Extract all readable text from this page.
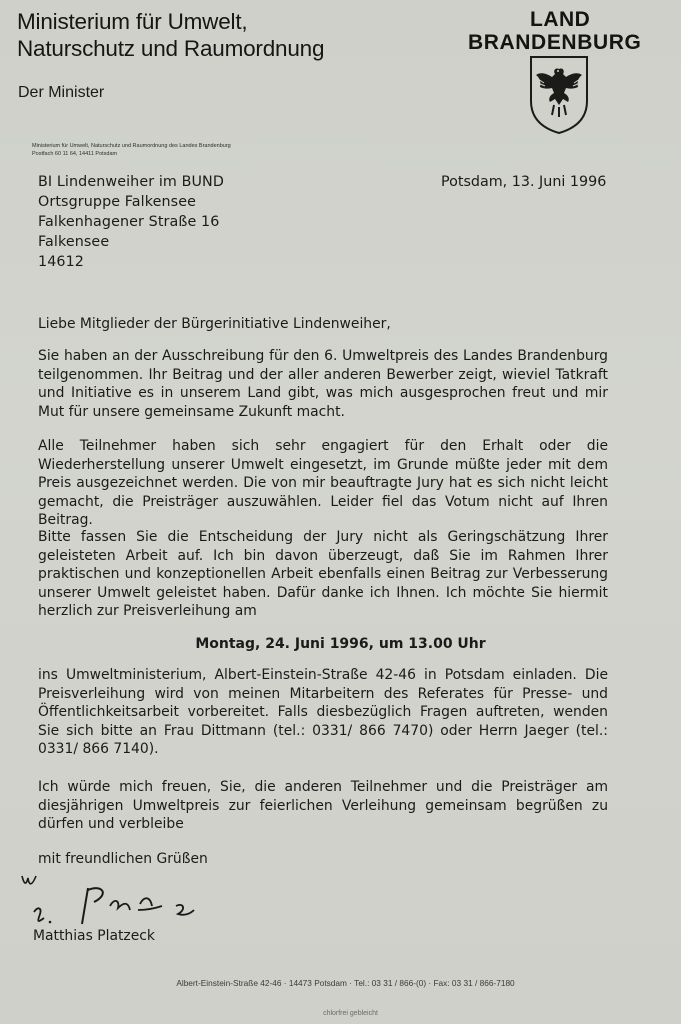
Ministerium für Umwelt,
Naturschutz und Raumordnung
Der Minister
LAND
BRANDENBURG
Ministerium für Umwelt, Naturschutz und Raumordnung des Landes Brandenburg
Postfach 60 11 64, 14411 Potsdam
BI Lindenweiher im BUND
Ortsgruppe Falkensee
Falkenhagener Straße 16
Falkensee
14612
Potsdam, 13. Juni 1996
Liebe Mitglieder der Bürgerinitiative Lindenweiher,
Sie haben an der Ausschreibung für den 6. Umweltpreis des Landes Brandenburg teilgenommen. Ihr Beitrag und der aller anderen Bewerber zeigt, wieviel Tatkraft und Initiative es in unserem Land gibt, was mich ausgesprochen freut und mir Mut für unsere gemeinsame Zukunft macht.
Alle Teilnehmer haben sich sehr engagiert für den Erhalt oder die Wiederherstellung unserer Umwelt eingesetzt, im Grunde müßte jeder mit dem Preis ausgezeichnet werden. Die von mir beauftragte Jury hat es sich nicht leicht gemacht, die Preisträger auszuwählen. Leider fiel das Votum nicht auf Ihren Beitrag.
Bitte fassen Sie die Entscheidung der Jury nicht als Geringschätzung Ihrer geleisteten Arbeit auf. Ich bin davon überzeugt, daß Sie im Rahmen Ihrer praktischen und konzeptionellen Arbeit ebenfalls einen Beitrag zur Verbesserung unserer Umwelt geleistet haben. Dafür danke ich Ihnen. Ich möchte Sie hiermit herzlich zur Preisverleihung am
Montag, 24. Juni 1996, um 13.00 Uhr
ins Umweltministerium, Albert-Einstein-Straße 42-46 in Potsdam einladen. Die Preisverleihung wird von meinen Mitarbeitern des Referates für Presse- und Öffentlichkeitsarbeit vorbereitet. Falls diesbezüglich Fragen auftreten, wenden Sie sich bitte an Frau Dittmann (tel.: 0331/ 866 7470) oder Herrn Jaeger (tel.: 0331/ 866 7140).
Ich würde mich freuen, Sie, die anderen Teilnehmer und die Preisträger am diesjährigen Umweltpreis zur feierlichen Verleihung gemeinsam begrüßen zu dürfen und verbleibe
mit freundlichen Grüßen
Matthias Platzeck
Albert-Einstein-Straße 42-46 · 14473 Potsdam · Tel.: 03 31 / 866-(0) · Fax: 03 31 / 866-7180
chlorfrei gebleicht
